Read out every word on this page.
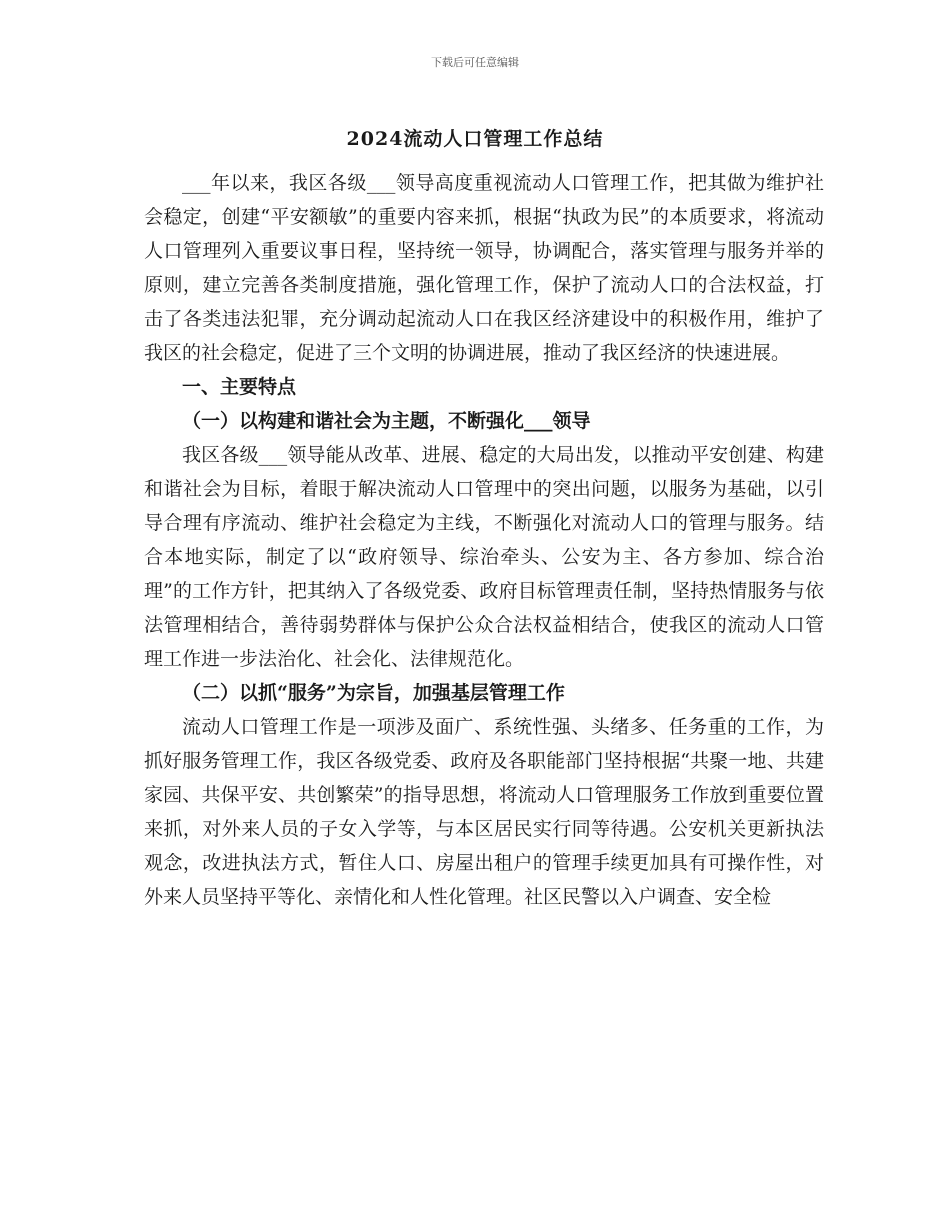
下载后可任意编辑
2024流动人口管理工作总结

___年以来，我区各级___领导高度重视流动人口管理工作，把其做为维护社会稳定，创建“平安额敏”的重要内容来抓，根据“执政为民”的本质要求，将流动人口管理列入重要议事日程，坚持统一领导，协调配合，落实管理与服务并举的原则，建立完善各类制度措施，强化管理工作，保护了流动人口的合法权益，打击了各类违法犯罪，充分调动起流动人口在我区经济建设中的积极作用，维护了我区的社会稳定，促进了三个文明的协调进展，推动了我区经济的快速进展。

一、主要特点

（一）以构建和谐社会为主题，不断强化___领导

我区各级___领导能从改革、进展、稳定的大局出发，以推动平安创建、构建和谐社会为目标，着眼于解决流动人口管理中的突出问题，以服务为基础，以引导合理有序流动、维护社会稳定为主线，不断强化对流动人口的管理与服务。结合本地实际，制定了以“政府领导、综治牵头、公安为主、各方参加、综合治理”的工作方针，把其纳入了各级党委、政府目标管理责任制，坚持热情服务与依法管理相结合，善待弱势群体与保护公众合法权益相结合，使我区的流动人口管理工作进一步法治化、社会化、法律规范化。

（二）以抓“服务”为宗旨，加强基层管理工作

流动人口管理工作是一项涉及面广、系统性强、头绪多、任务重的工作，为抓好服务管理工作，我区各级党委、政府及各职能部门坚持根据“共聚一地、共建家园、共保平安、共创繁荣”的指导思想，将流动人口管理服务工作放到重要位置来抓，对外来人员的子女入学等，与本区居民实行同等待遇。公安机关更新执法观念，改进执法方式，暂住人口、房屋出租户的管理手续更加具有可操作性，对外来人员坚持平等化、亲情化和人性化管理。社区民警以入户调查、安全检
